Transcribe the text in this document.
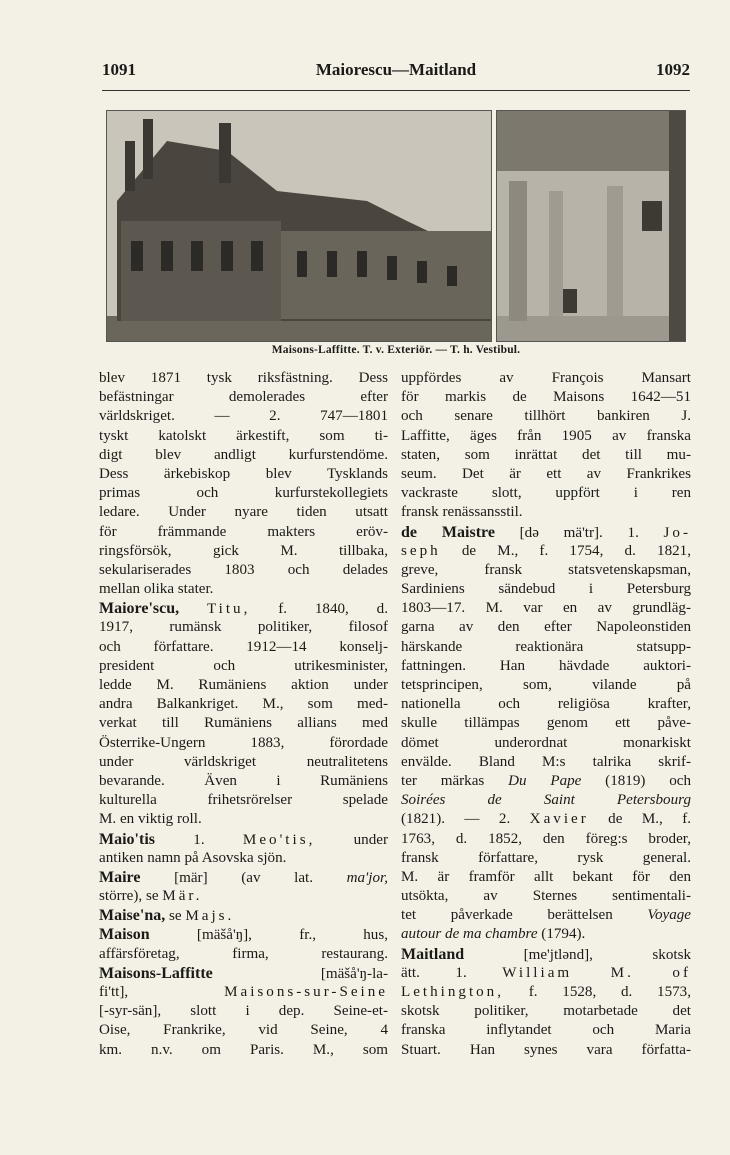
1091	Maiorescu—Maitland	1092
Maisons-Laffitte. T. v. Exteriör. — T. h. Vestibul.
blev 1871 tysk riksfästning. Dess
befästningar demolerades efter
världskriget. — 2. 747—1801
tyskt katolskt ärkestift, som ti-
digt blev andligt kurfurstendöme.
Dess ärkebiskop blev Tysklands
primas och kurfurstekollegiets
ledare. Under nyare tiden utsatt
för främmande makters eröv-
ringsförsök, gick M. tillbaka,
sekulariserades 1803 och delades
mellan olika stater.
Maiore'scu, Titu, f. 1840, d.
1917, rumänsk politiker, filosof
och författare. 1912—14 konselj-
president och utrikesminister,
ledde M. Rumäniens aktion under
andra Balkankriget. M., som med-
verkat till Rumäniens allians med
Österrike-Ungern 1883, förordade
under världskriget neutralitetens
bevarande. Även i Rumäniens
kulturella frihetsrörelser spelade
M. en viktig roll.
Maio'tis 1. Meo'tis, under
antiken namn på Asovska sjön.
Maire [mär] (av lat. ma'jor,
större), se Mär.
Maise'na, se Majs.
Maison [mäšå'ŋ], fr., hus,
affärsföretag, firma, restaurang.
Maisons-Laffitte [mäšå'ŋ-la-
fi'tt], Maisons-sur-Seine
[-syr-sän], slott i dep. Seine-et-
Oise, Frankrike, vid Seine, 4
km. n.v. om Paris. M., som
uppfördes av François Mansart
för markis de Maisons 1642—51
och senare tillhört bankiren J.
Laffitte, äges från 1905 av franska
staten, som inrättat det till mu-
seum. Det är ett av Frankrikes
vackraste slott, uppfört i ren
fransk renässansstil.
de Maistre [də mä'tr]. 1. Jo-
seph de M., f. 1754, d. 1821,
greve, fransk statsvetenskapsman,
Sardiniens sändebud i Petersburg
1803—17. M. var en av grundläg-
garna av den efter Napoleonstiden
härskande reaktionära statsupp-
fattningen. Han hävdade auktori-
tetsprincipen, som, vilande på
nationella och religiösa krafter,
skulle tillämpas genom ett påve-
dömet underordnat monarkiskt
envälde. Bland M:s talrika skrif-
ter märkas Du Pape (1819) och
Soirées de Saint Petersbourg
(1821). — 2. Xavier de M., f.
1763, d. 1852, den föreg:s broder,
fransk författare, rysk general.
M. är framför allt bekant för den
utsökta, av Sternes sentimentali-
tet påverkade berättelsen Voyage
autour de ma chambre (1794).
Maitland [me'jtlənd], skotsk
ätt. 1. William M. of
Lethington, f. 1528, d. 1573,
skotsk politiker, motarbetade det
franska inflytandet och Maria
Stuart. Han synes vara författa-
